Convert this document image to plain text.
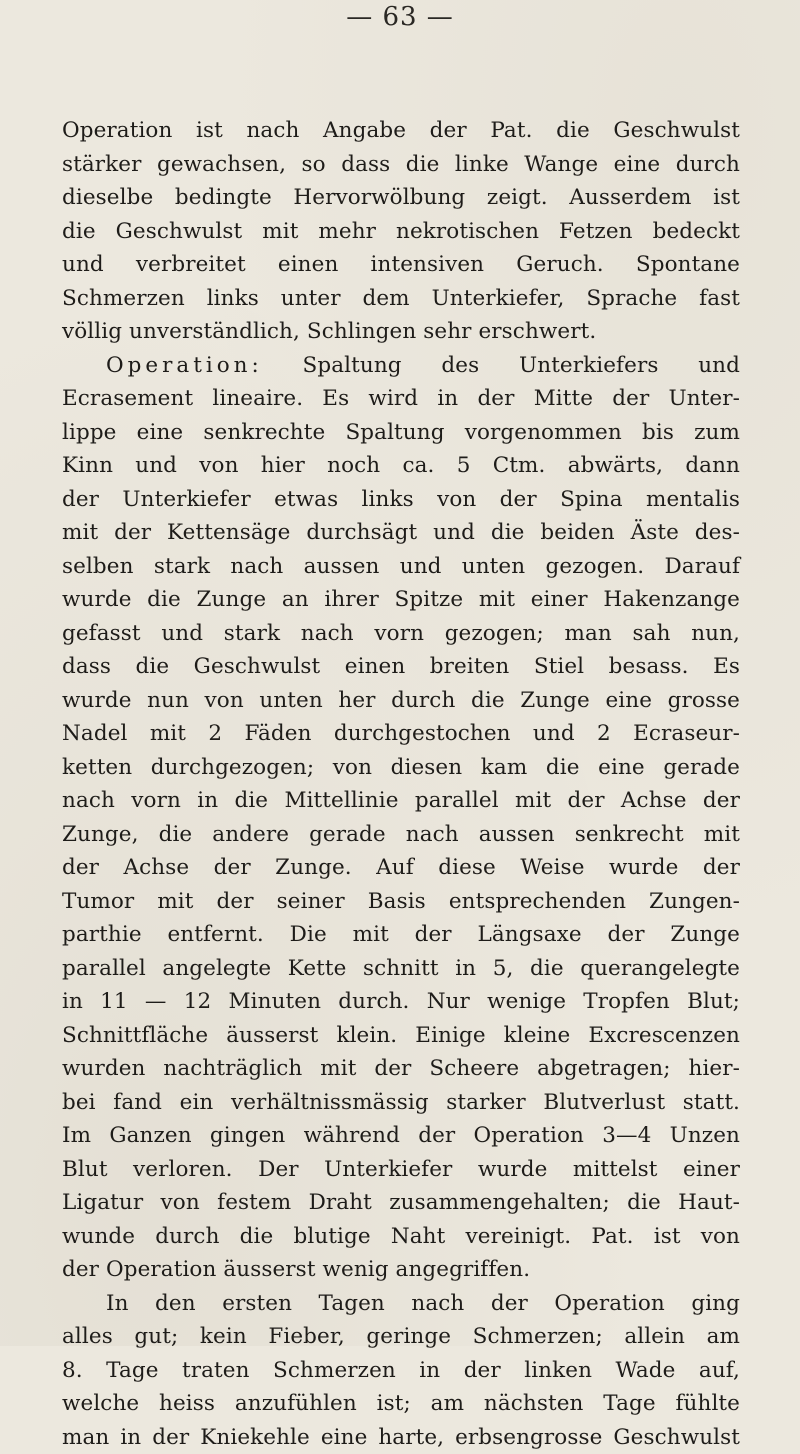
— 63 —
Operation ist nach Angabe der Pat. die Geschwulst
stärker gewachsen, so dass die linke Wange eine durch
dieselbe bedingte Hervorwölbung zeigt. Ausserdem ist
die Geschwulst mit mehr nekrotischen Fetzen bedeckt
und verbreitet einen intensiven Geruch. Spontane
Schmerzen links unter dem Unterkiefer, Sprache fast
völlig unverständlich, Schlingen sehr erschwert.
Operation: Spaltung des Unterkiefers und
Ecrasement lineaire. Es wird in der Mitte der Unter-
lippe eine senkrechte Spaltung vorgenommen bis zum
Kinn und von hier noch ca. 5 Ctm. abwärts, dann
der Unterkiefer etwas links von der Spina mentalis
mit der Kettensäge durchsägt und die beiden Äste des-
selben stark nach aussen und unten gezogen. Darauf
wurde die Zunge an ihrer Spitze mit einer Hakenzange
gefasst und stark nach vorn gezogen; man sah nun,
dass die Geschwulst einen breiten Stiel besass. Es
wurde nun von unten her durch die Zunge eine grosse
Nadel mit 2 Fäden durchgestochen und 2 Ecraseur-
ketten durchgezogen; von diesen kam die eine gerade
nach vorn in die Mittellinie parallel mit der Achse der
Zunge, die andere gerade nach aussen senkrecht mit
der Achse der Zunge. Auf diese Weise wurde der
Tumor mit der seiner Basis entsprechenden Zungen-
parthie entfernt. Die mit der Längsaxe der Zunge
parallel angelegte Kette schnitt in 5, die querangelegte
in 11 — 12 Minuten durch. Nur wenige Tropfen Blut;
Schnittfläche äusserst klein. Einige kleine Excrescenzen
wurden nachträglich mit der Scheere abgetragen; hier-
bei fand ein verhältnissmässig starker Blutverlust statt.
Im Ganzen gingen während der Operation 3—4 Unzen
Blut verloren. Der Unterkiefer wurde mittelst einer
Ligatur von festem Draht zusammengehalten; die Haut-
wunde durch die blutige Naht vereinigt. Pat. ist von
der Operation äusserst wenig angegriffen.
In den ersten Tagen nach der Operation ging
alles gut; kein Fieber, geringe Schmerzen; allein am
8. Tage traten Schmerzen in der linken Wade auf,
welche heiss anzufühlen ist; am nächsten Tage fühlte
man in der Kniekehle eine harte, erbsengrosse Geschwulst
